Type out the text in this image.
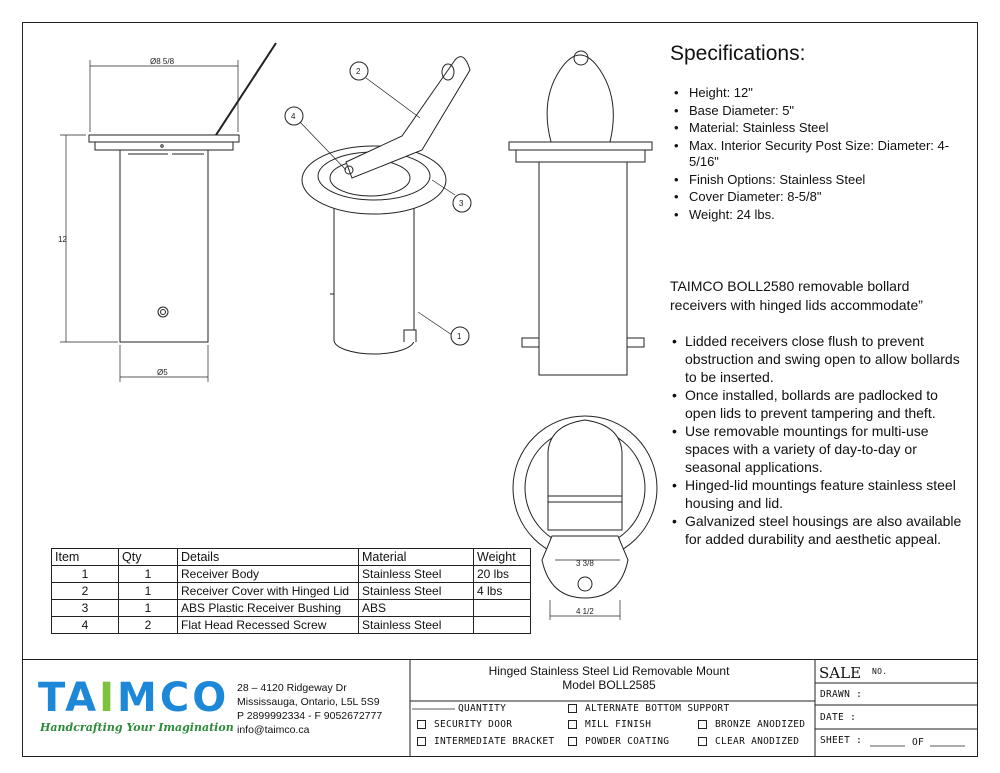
Ø8 5/8
12
Ø5
3 3/8
4 1/2
2
4
3
1
Specifications:
• Height: 12"
• Base Diameter: 5"
• Material: Stainless Steel
• Max. Interior Security Post Size: Diameter: 4-5/16"
• Finish Options: Stainless Steel
• Cover Diameter: 8-5/8"
• Weight: 24 lbs.
TAIMCO BOLL2580 removable bollard receivers with hinged lids accommodate”
• Lidded receivers close flush to prevent obstruction and swing open to allow bollards to be inserted.
• Once installed, bollards are padlocked to open lids to prevent tampering and theft.
• Use removable mountings for multi-use spaces with a variety of day-to-day or seasonal applications.
• Hinged-lid mountings feature stainless steel housing and lid.
• Galvanized steel housings are also available for added durability and aesthetic appeal.
Item	Qty	Details	Material	Weight
1	1	Receiver Body	Stainless Steel	20 lbs
2	1	Receiver Cover with Hinged Lid	Stainless Steel	4 lbs
3	1	ABS Plastic Receiver Bushing	ABS	
4	2	Flat Head Recessed Screw	Stainless Steel	
TAIMCO
Handcrafting Your Imagination
28 – 4120 Ridgeway Dr
Mississauga, Ontario, L5L 5S9
P 2899992334 - F 9052672777
info@taimco.ca
Hinged Stainless Steel Lid Removable Mount
Model BOLL2585
QUANTITY	ALTERNATE BOTTOM SUPPORT
SECURITY DOOR	MILL FINISH	BRONZE ANODIZED
INTERMEDIATE BRACKET	POWDER COATING	CLEAR ANODIZED
SALE NO.
DRAWN :
DATE :
SHEET :	OF
